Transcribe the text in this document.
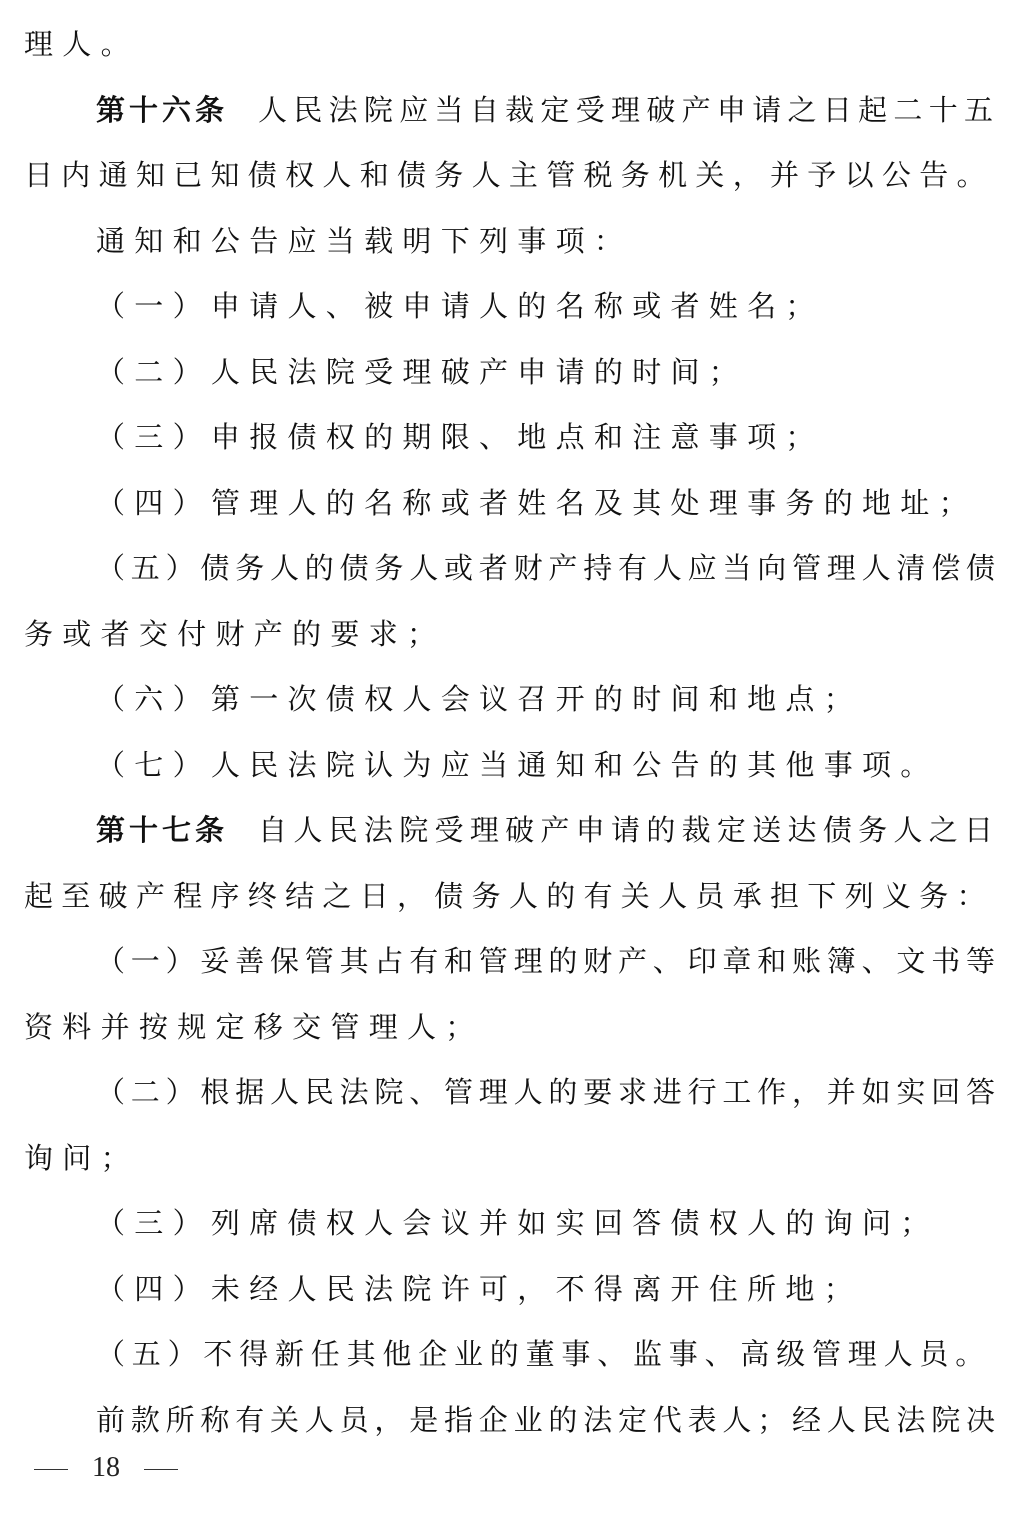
理人。
第十六条 人民法院应当自裁定受理破产申请之日起二十五
日内通知已知债权人和债务人主管税务机关，并予以公告。
通知和公告应当载明下列事项：
（一）申请人、被申请人的名称或者姓名；
（二）人民法院受理破产申请的时间；
（三）申报债权的期限、地点和注意事项；
（四）管理人的名称或者姓名及其处理事务的地址；
（五）债务人的债务人或者财产持有人应当向管理人清偿债
务或者交付财产的要求；
（六）第一次债权人会议召开的时间和地点；
（七）人民法院认为应当通知和公告的其他事项。
第十七条 自人民法院受理破产申请的裁定送达债务人之日
起至破产程序终结之日，债务人的有关人员承担下列义务：
（一）妥善保管其占有和管理的财产、印章和账簿、文书等
资料并按规定移交管理人；
（二）根据人民法院、管理人的要求进行工作，并如实回答
询问；
（三）列席债权人会议并如实回答债权人的询问；
（四）未经人民法院许可，不得离开住所地；
（五）不得新任其他企业的董事、监事、高级管理人员。
前款所称有关人员，是指企业的法定代表人；经人民法院决
18
